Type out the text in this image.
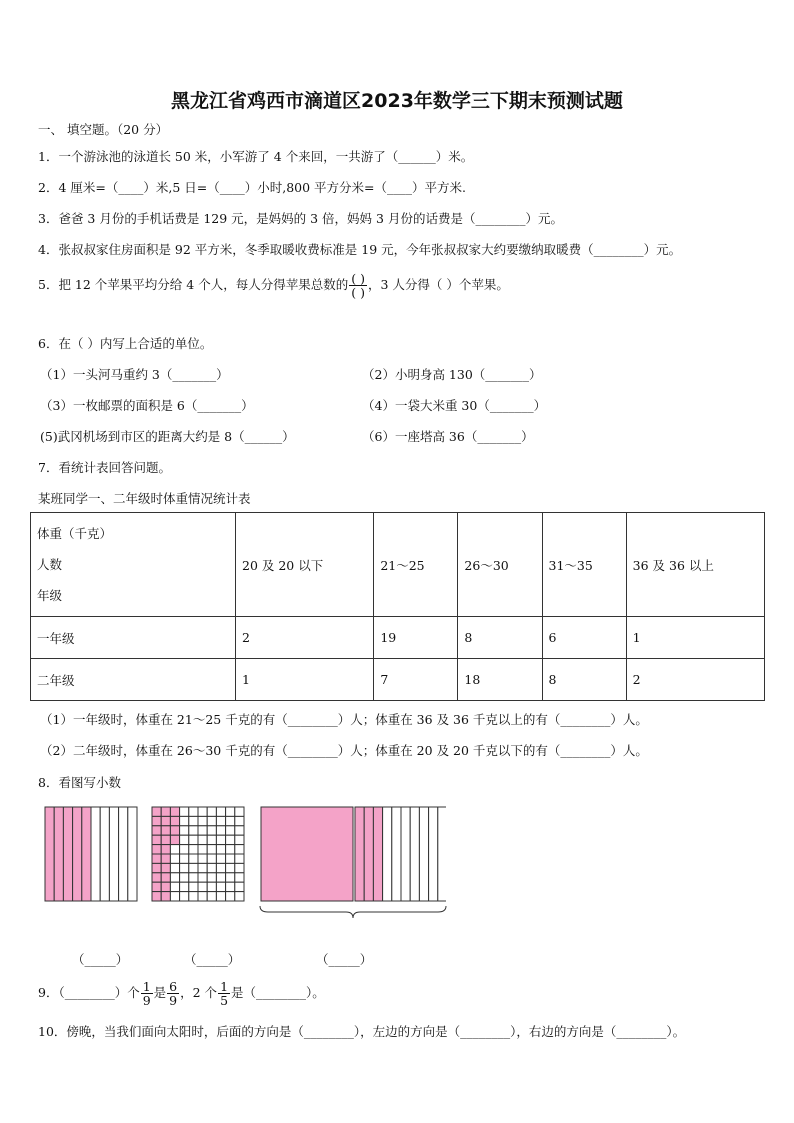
黑龙江省鸡西市滴道区2023年数学三下期末预测试题
一、 填空题。（20 分）
1．一个游泳池的泳道长 50 米，小军游了 4 个来回，一共游了（______）米。
2．4 厘米=（____）米,5 日=（____）小时,800 平方分米=（____）平方米.
3．爸爸 3 月份的手机话费是 129 元，是妈妈的 3 倍，妈妈 3 月份的话费是（________）元。
4．张叔叔家住房面积是 92 平方米，冬季取暖收费标准是 19 元，今年张叔叔家大约要缴纳取暖费（________）元。
5．把 12 个苹果平均分给 4 个人，每人分得苹果总数的 $\frac{( )}{( )}$ ，3 人分得（ ）个苹果。
6．在（ ）内写上合适的单位。
（1）一头河马重约 3（_______）	（2）小明身高 130（_______）
（3）一枚邮票的面积是 6（_______）	（4）一袋大米重 30（_______）
(5)武冈机场到市区的距离大约是 8（______）	（6）一座塔高 36（_______）
7．看统计表回答问题。
某班同学一、二年级时体重情况统计表
体重（千克）
人数
年级	20 及 20 以下	21～25	26～30	31～35	36 及 36 以上
一年级	2	19	8	6	1
二年级	1	7	18	8	2
（1）一年级时，体重在 21～25 千克的有（________）人；体重在 36 及 36 千克以上的有（________）人。
（2）二年级时，体重在 26～30 千克的有（________）人；体重在 20 及 20 千克以下的有（________）人。
8．看图写小数
（_____）	（_____）	（_____）
9．（________）个 $\frac{1}{9}$ 是 $\frac{6}{9}$ ，2 个 $\frac{1}{5}$ 是（________）。
10．傍晚，当我们面向太阳时，后面的方向是（________），左边的方向是（________），右边的方向是（________）。
